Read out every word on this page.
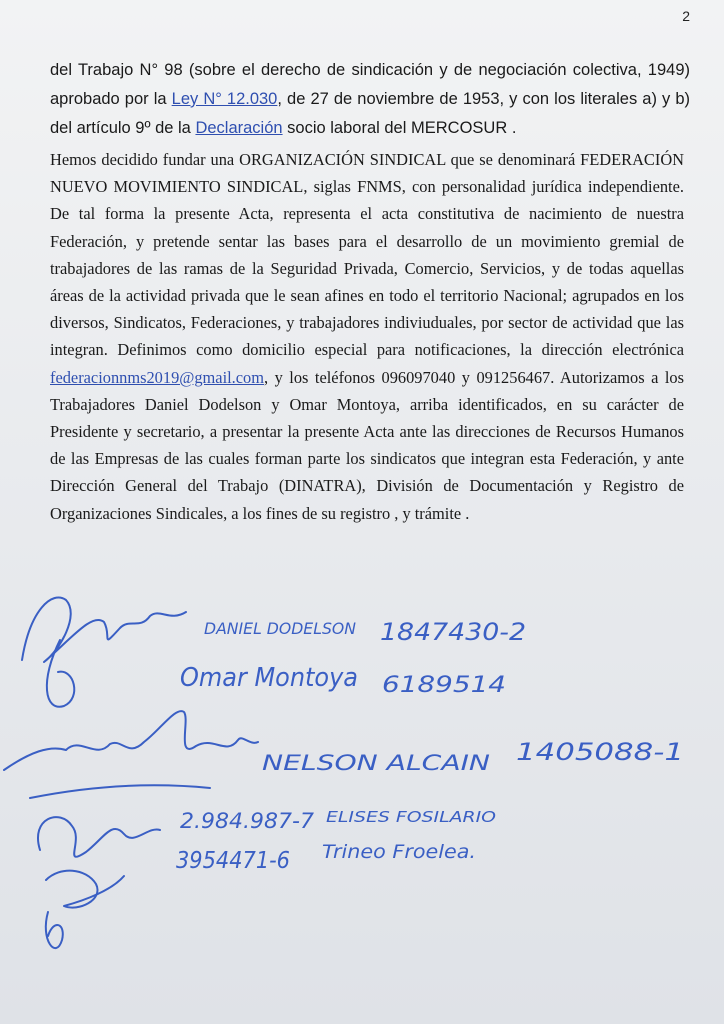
2
del Trabajo N° 98 (sobre el derecho de sindicación y de negociación colectiva, 1949) aprobado por la Ley N° 12.030, de 27 de noviembre de 1953, y con los literales a) y b) del artículo 9º de la Declaración socio laboral del MERCOSUR .
Hemos decidido fundar una ORGANIZACIÓN SINDICAL que se denominará FEDERACIÓN NUEVO MOVIMIENTO SINDICAL, siglas FNMS, con personalidad jurídica independiente. De tal forma la presente Acta, representa el acta constitutiva de nacimiento de nuestra Federación, y pretende sentar las bases para el desarrollo de un movimiento gremial de trabajadores de las ramas de la Seguridad Privada, Comercio, Servicios, y de todas aquellas áreas de la actividad privada que le sean afines en todo el territorio Nacional; agrupados en los diversos, Sindicatos, Federaciones, y trabajadores indiviuduales, por sector de actividad que las integran. Definimos como domicilio especial para notificaciones, la dirección electrónica federacionnms2019@gmail.com, y los teléfonos 096097040 y 091256467. Autorizamos a los Trabajadores Daniel Dodelson y Omar Montoya, arriba identificados, en su carácter de Presidente y secretario, a presentar la presente Acta ante las direcciones de Recursos Humanos de las Empresas de las cuales forman parte los sindicatos que integran esta Federación, y ante Dirección General del Trabajo (DINATRA), División de Documentación y Registro de Organizaciones Sindicales, a los fines de su registro , y trámite .
DANIEL DODELSON 1847430-2
Omar Montoya 6189514
NELSON ALCAIN 1405088-1
2.984.987-7 ELISES FOSILARIO
3954471-6 Trineo Froelea.
